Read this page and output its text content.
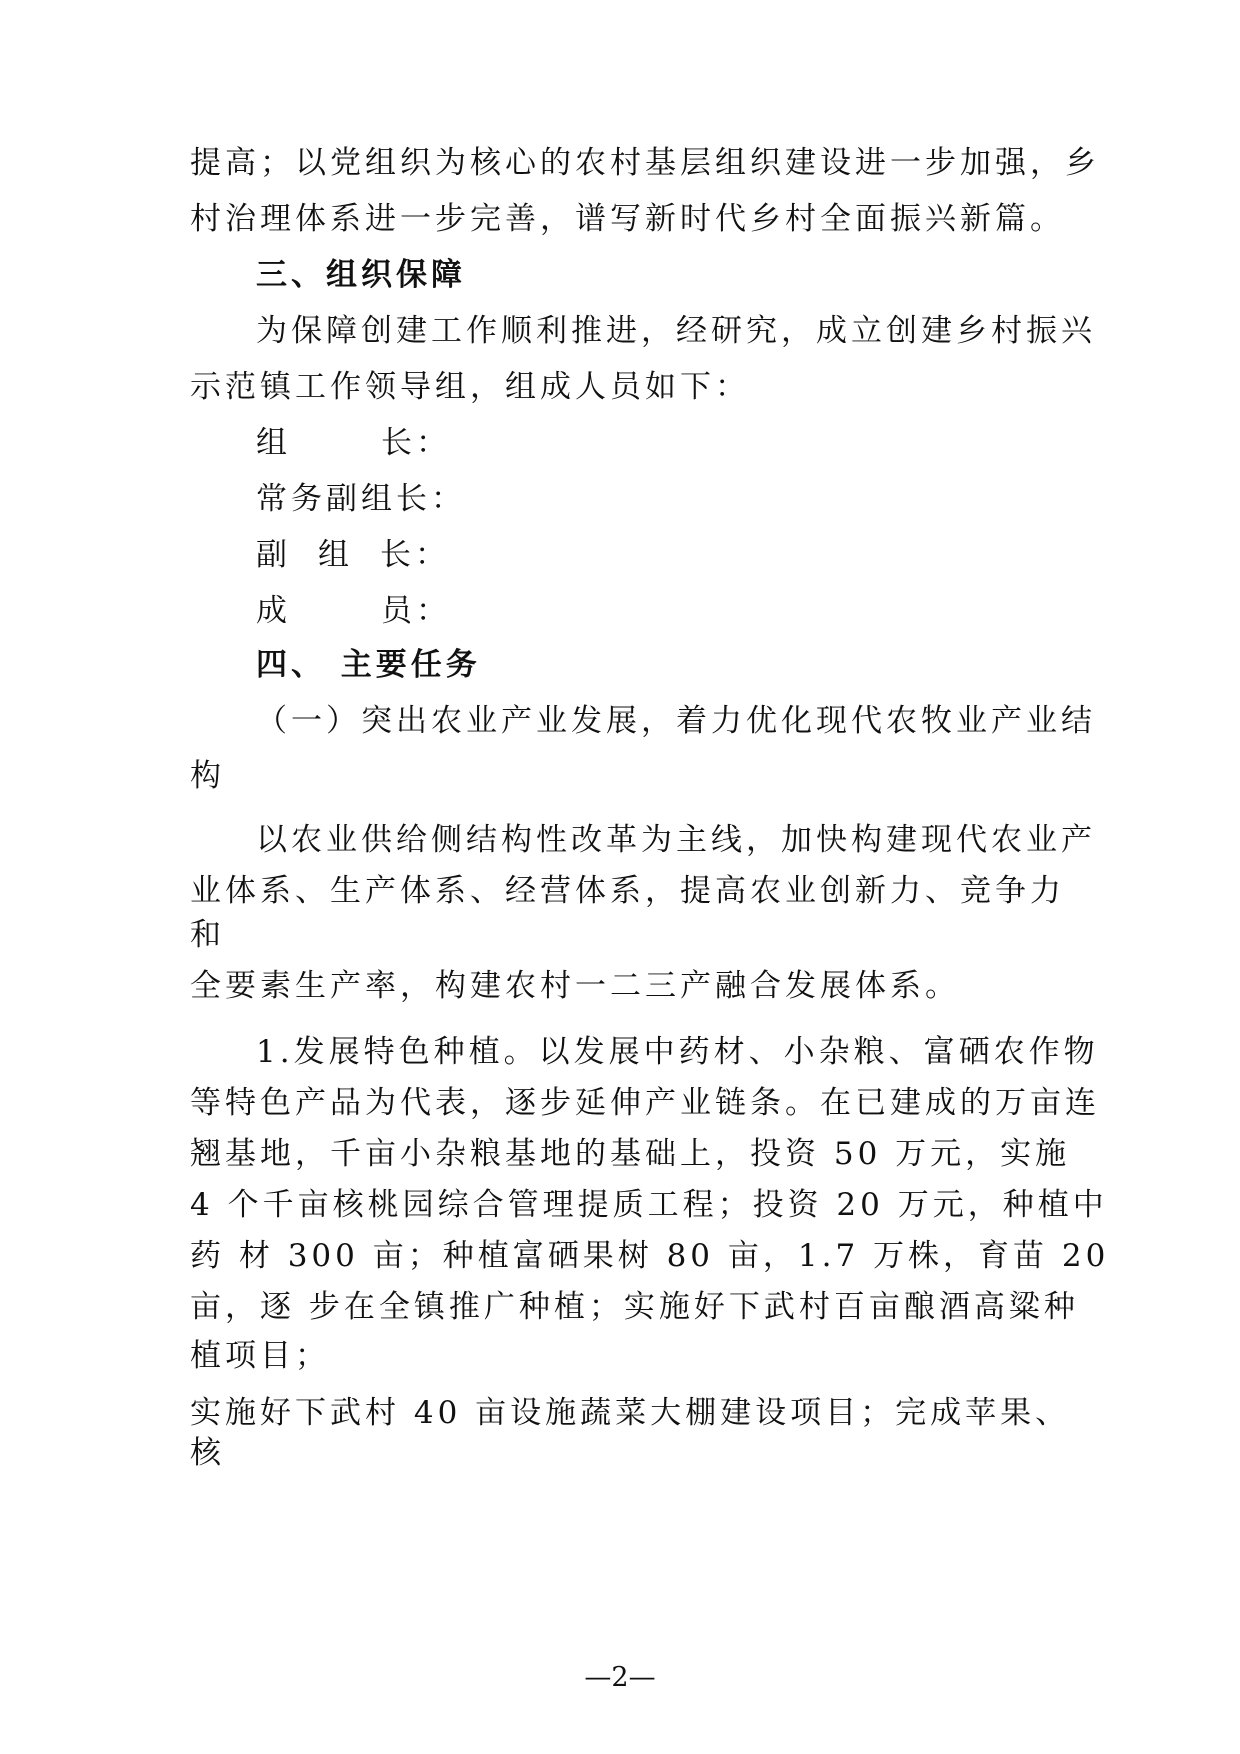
提高；以党组织为核心的农村基层组织建设进一步加强，乡
村治理体系进一步完善，谱写新时代乡村全面振兴新篇。
三、组织保障
为保障创建工作顺利推进，经研究，成立创建乡村振兴
示范镇工作领导组，组成人员如下：
组	长：
常务副组长：
副 组 长：
成	员：
四、 主要任务
（一）突出农业产业发展，着力优化现代农牧业产业结
构
以农业供给侧结构性改革为主线，加快构建现代农业产
业体系、生产体系、经营体系，提高农业创新力、竞争力
和
全要素生产率，构建农村一二三产融合发展体系。
1.发展特色种植。以发展中药材、小杂粮、富硒农作物
等特色产品为代表，逐步延伸产业链条。在已建成的万亩连
翘基地，千亩小杂粮基地的基础上，投资 50 万元，实施
4 个千亩核桃园综合管理提质工程；投资 20 万元，种植中
药 材 300 亩；种植富硒果树 80 亩，1.7 万株，育苗 20
亩，逐 步在全镇推广种植；实施好下武村百亩酿酒高粱种
植项目；
实施好下武村 40 亩设施蔬菜大棚建设项目；完成苹果、
核
—2—
